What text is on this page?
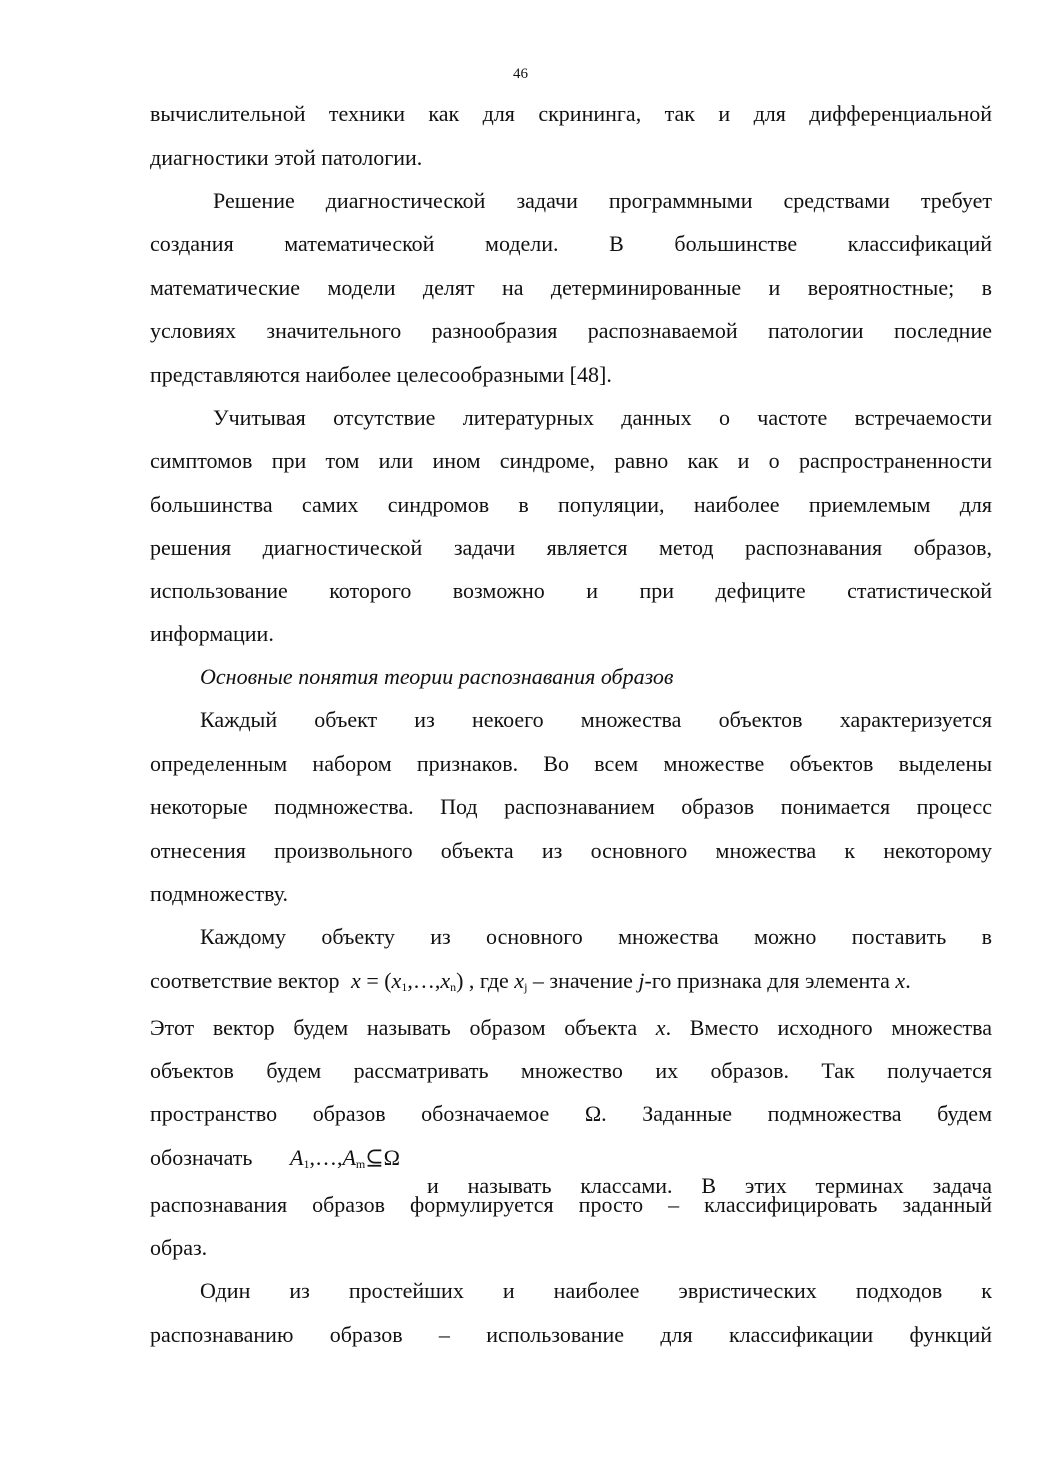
46
вычислительной техники как для скрининга, так и для дифференциальной
диагностики этой патологии.
Решение диагностической задачи программными средствами требует
создания математической модели. В большинстве классификаций
математические модели делят на детерминированные и вероятностные; в
условиях значительного разнообразия распознаваемой патологии последние
представляются наиболее целесообразными [48].
Учитывая отсутствие литературных данных о частоте встречаемости
симптомов при том или ином синдроме, равно как и о распространенности
большинства самих синдромов в популяции, наиболее приемлемым для
решения диагностической задачи является метод распознавания образов,
использование которого возможно и при дефиците статистической
информации.
Основные понятия теории распознавания образов
Каждый объект из некоего множества объектов характеризуется
определенным набором признаков. Во всем множестве объектов выделены
некоторые подмножества. Под распознаванием образов понимается процесс
отнесения произвольного объекта из основного множества к некоторому
подмножеству.
Каждому объекту из основного множества можно поставить в
соответствие вектор $x = (x_1,\dots,x_n)$ , где $x_j$ – значение j-го признака для элемента x.
Этот вектор будем называть образом объекта x. Вместо исходного множества
объектов будем рассматривать множество их образов. Так получается
пространство образов обозначаемое Ω. Заданные подмножества будем
обозначать $A_1,\dots,A_m⊆\Omega$
и называть классами. В этих терминах задача
распознавания образов формулируется просто – классифицировать заданный
образ.
Один из простейших и наиболее эвристических подходов к
распознаванию образов – использование для классификации функций
